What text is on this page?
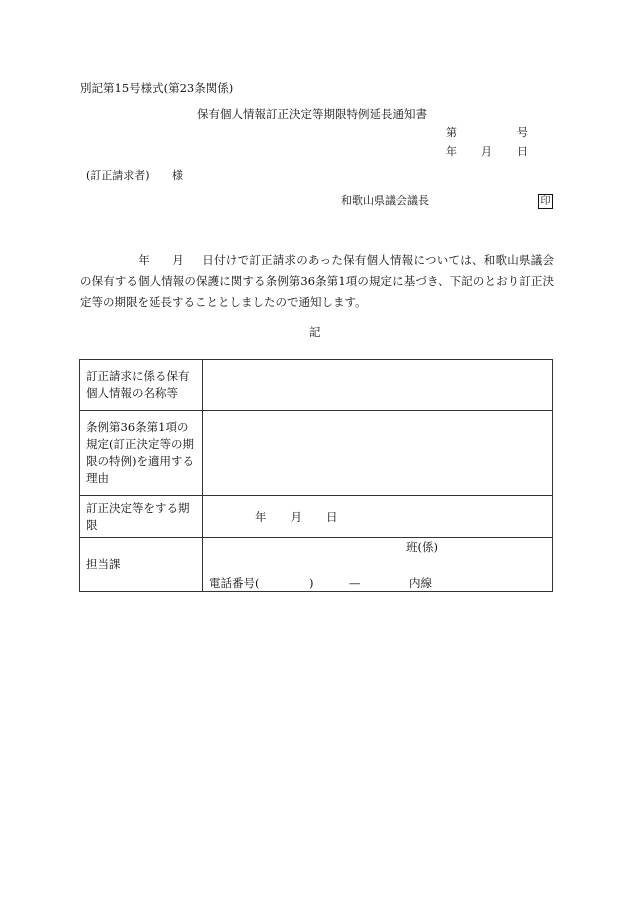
別記第15号様式(第23条関係)
保有個人情報訂正決定等期限特例延長通知書
第	号
年 月 日
(訂正請求者) 様
和歌山県議会議長	印
年 月 日付けで訂正請求のあった保有個人情報については、和歌山県議会の保有する個人情報の保護に関する条例第36条第1項の規定に基づき、下記のとおり訂正決定等の期限を延長することとしましたので通知します。
記
訂正請求に係る保有個人情報の名称等	
条例第36条第1項の規定(訂正決定等の期限の特例)を適用する理由	
訂正決定等をする期限	年 月 日
担当課	班(係)
電話番号( ) — 内線
